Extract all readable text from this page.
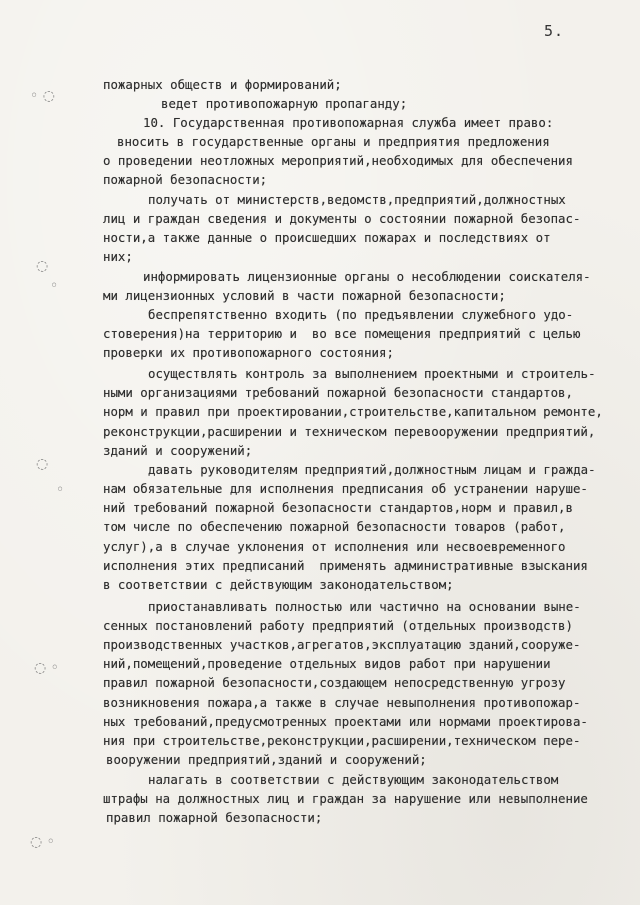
5.
пожарных обществ и формирований;
ведет противопожарную пропаганду;
10. Государственная противопожарная служба имеет право:
вносить в государственные органы и предприятия предложения
о проведении неотложных мероприятий,необходимых для обеспечения
пожарной безопасности;
получать от министерств,ведомств,предприятий,должностных
лиц и граждан сведения и документы о состоянии пожарной безопас-
ности,а также данные о происшедших пожарах и последствиях от
них;
информировать лицензионные органы о несоблюдении соискателя-
ми лицензионных условий в части пожарной безопасности;
беспрепятственно входить (по предъявлении служебного удо-
стоверения)на территорию и  во все помещения предприятий с целью
проверки их противопожарного состояния;
осуществлять контроль за выполнением проектными и строитель-
ными организациями требований пожарной безопасности стандартов,
норм и правил при проектировании,строительстве,капитальном ремонте,
реконструкции,расширении и техническом перевооружении предприятий,
зданий и сооружений;
давать руководителям предприятий,должностным лицам и гражда-
нам обязательные для исполнения предписания об устранении наруше-
ний требований пожарной безопасности стандартов,норм и правил,в
том числе по обеспечению пожарной безопасности товаров (работ,
услуг),а в случае уклонения от исполнения или несвоевременного
исполнения этих предписаний  применять административные взыскания
в соответствии с действующим законодательством;
приостанавливать полностью или частично на основании выне-
сенных постановлений работу предприятий (отдельных производств)
производственных участков,агрегатов,эксплуатацию зданий,сооруже-
ний,помещений,проведение отдельных видов работ при нарушении
правил пожарной безопасности,создающем непосредственную угрозу
возникновения пожара,а также в случае невыполнения противопожар-
ных требований,предусмотренных проектами или нормами проектирова-
ния при строительстве,реконструкции,расширении,техническом пере-
вооружении предприятий,зданий и сооружений;
налагать в соответствии с действующим законодательством
штрафы на должностных лиц и граждан за нарушение или невыполнение
правил пожарной безопасности;
◦ ◌
◌
◦
◌
◦
◌ ◦
◌ ◦
